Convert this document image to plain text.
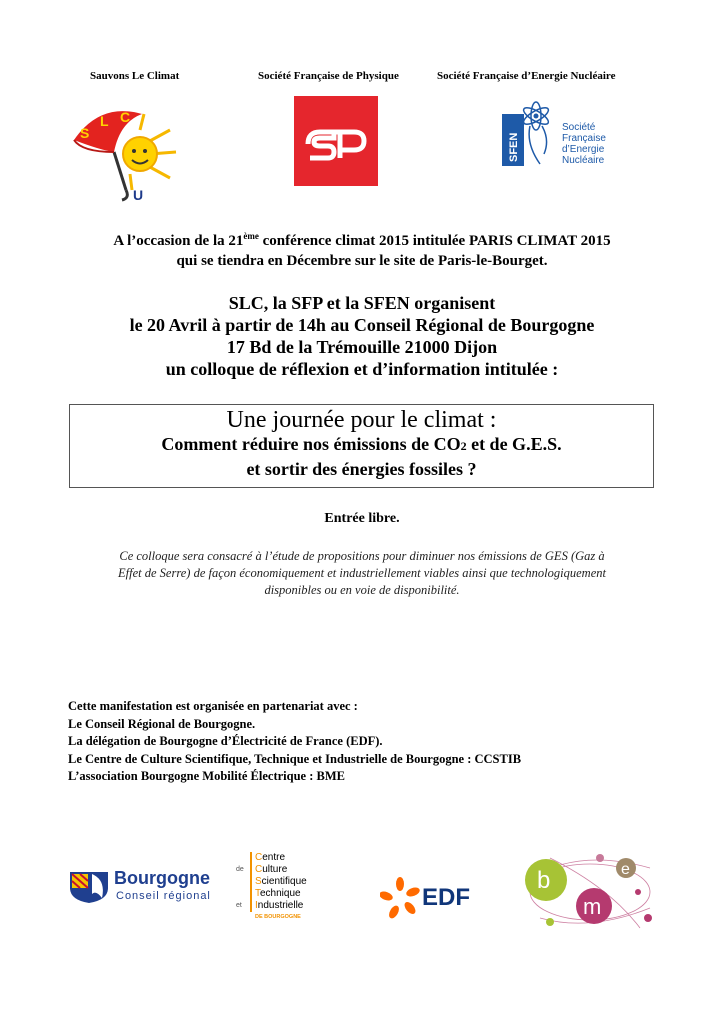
Sauvons Le Climat	Société Française de Physique	Société Française d’Energie Nucléaire
S
L C
U
SFEN
Société
Française
d’Energie
Nucléaire
A l’occasion de la 21ème conférence climat 2015 intitulée PARIS CLIMAT 2015
qui se tiendra en Décembre sur le site de Paris-le-Bourget.
SLC, la SFP et la SFEN organisent
le 20 Avril à partir de 14h au Conseil Régional de Bourgogne
17 Bd de la Trémouille 21000 Dijon
un colloque de réflexion et d’information intitulée :
Une journée pour le climat :
Comment réduire nos émissions de CO2 et de G.E.S.
et sortir des énergies fossiles ?
Entrée libre.
Ce colloque sera consacré à l’étude de propositions pour diminuer nos émissions de GES (Gaz à
Effet de Serre) de façon économiquement et industriellement viables ainsi que technologiquement
disponibles ou en voie de disponibilité.
Cette manifestation est organisée en partenariat avec :
Le Conseil Régional de Bourgogne.
La délégation de Bourgogne d’Électricité de France (EDF).
Le Centre de Culture Scientifique, Technique et Industrielle de Bourgogne : CCSTIB
L’association Bourgogne Mobilité Électrique : BME
Bourgogne
Conseil régional
Centre
de Culture
Scientifique
Technique
et Industrielle
DE BOURGOGNE
EDF
b
m
e
